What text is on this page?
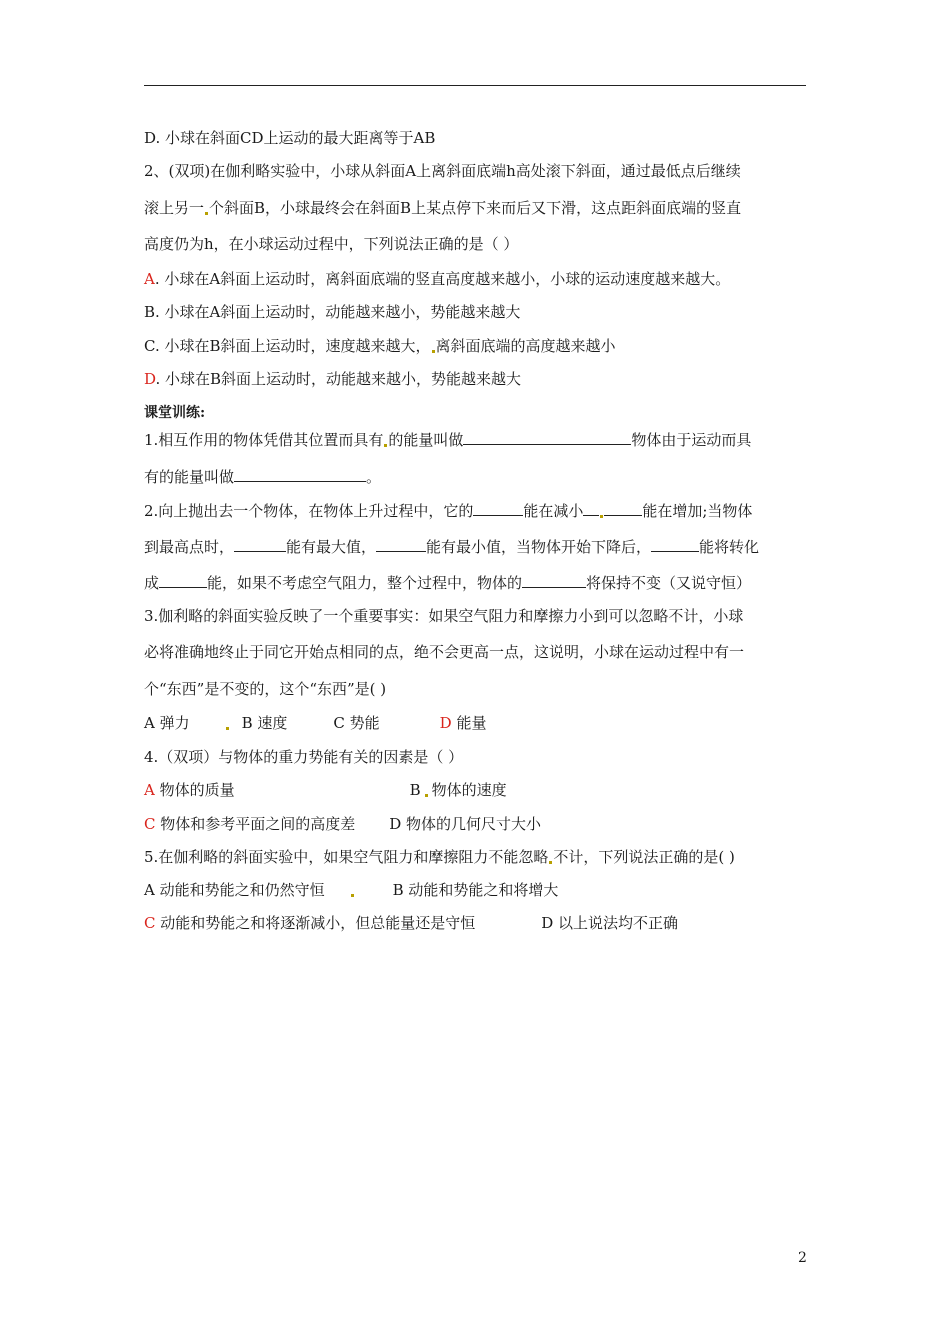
D. 小球在斜面CD上运动的最大距离等于AB
2、(双项)在伽利略实验中，小球从斜面A上离斜面底端h高处滚下斜面，通过最低点后继续
滚上另一 个斜面B，小球最终会在斜面B上某点停下来而后又下滑，这点距斜面底端的竖直
高度仍为h，在小球运动过程中，下列说法正确的是（ ）
A. 小球在A斜面上运动时，离斜面底端的竖直高度越来越小，小球的运动速度越来越大。
B. 小球在A斜面上运动时，动能越来越小，势能越来越大
C. 小球在B斜面上运动时，速度越来越大， 离斜面底端的高度越来越小
D. 小球在B斜面上运动时，动能越来越小，势能越来越大
课堂训练:
1.相互作用的物体凭借其位置而具有 的能量叫做	物体由于运动而具
有的能量叫做	。
2.向上抛出去一个物体，在物体上升过程中，它的	能在减小	能在增加;当物体
到最高点时，	能有最大值，	能有最小值，当物体开始下降后，	能将转化
成	能，如果不考虑空气阻力，整个过程中，物体的	将保持不变（又说守恒）
3.伽利略的斜面实验反映了一个重要事实：如果空气阻力和摩擦力小到可以忽略不计，小球
必将准确地终止于同它开始点相同的点，绝不会更高一点，这说明，小球在运动过程中有一
个“东西”是不变的，这个“东西”是( )
A 弹力	B 速度	C 势能	D 能量
4.（双项）与物体的重力势能有关的因素是（ ）
A 物体的质量	B 物体的速度
C 物体和参考平面之间的高度差 D 物体的几何尺寸大小
5.在伽利略的斜面实验中，如果空气阻力和摩擦阻力不能忽略 不计，下列说法正确的是( )
A 动能和势能之和仍然守恒	B 动能和势能之和将增大
C 动能和势能之和将逐渐减小，但总能量还是守恒	D 以上说法均不正确
2
